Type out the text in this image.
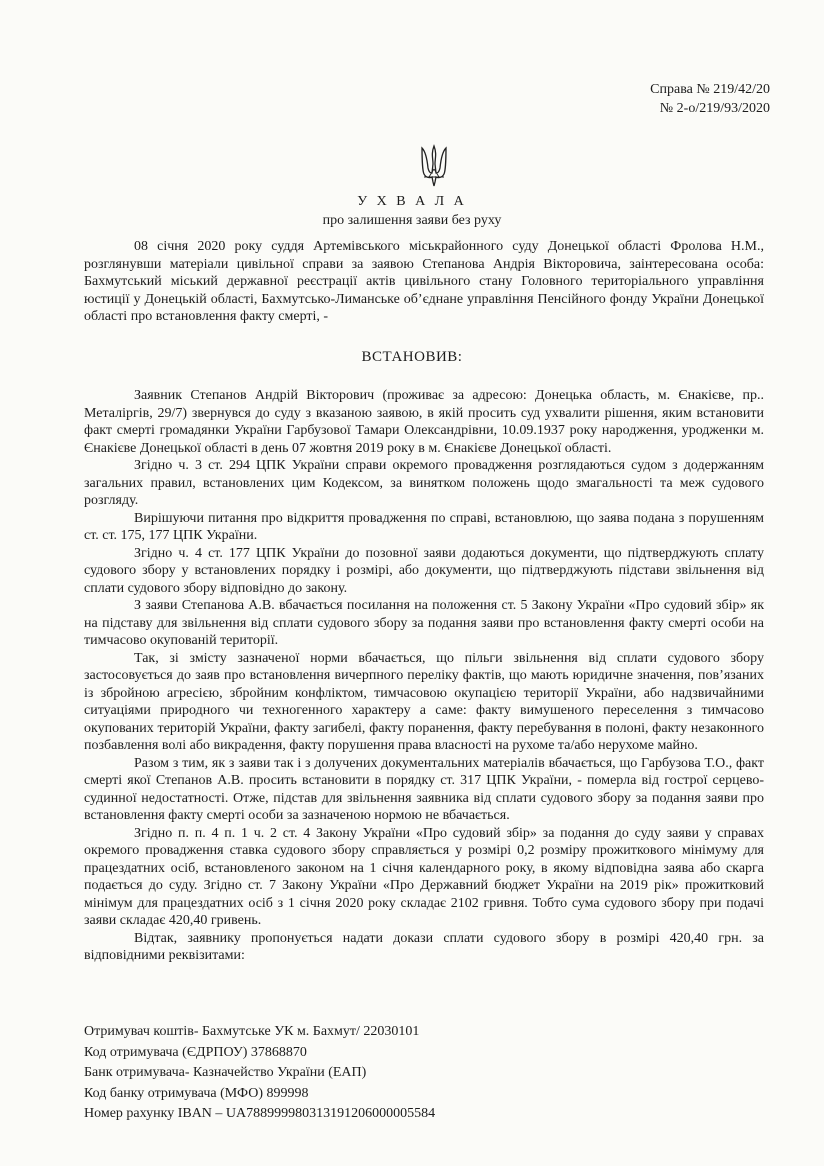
Справа № 219/42/20
№ 2-о/219/93/2020
У Х В А Л А
про залишення заяви без руху

08 січня 2020 року суддя Артемівського міськрайонного суду Донецької області Фролова Н.М., розглянувши матеріали цивільної справи за заявою Степанова Андрія Вікторовича, заінтересована особа: Бахмутський міський державної реєстрації актів цивільного стану Головного територіального управління юстиції у Донецькій області, Бахмутсько-Лиманське об’єднане управління Пенсійного фонду України Донецької області про встановлення факту смерті, -

ВСТАНОВИВ:

Заявник Степанов Андрій Вікторович (проживає за адресою: Донецька область, м. Єнакієве, пр.. Металіргів, 29/7) звернувся до суду з вказаною заявою, в якій просить суд ухвалити рішення, яким встановити факт смерті громадянки України Гарбузової Тамари Олександрівни, 10.09.1937 року народження, уродженки м. Єнакієве Донецької області в день 07 жовтня 2019 року в м. Єнакієве Донецької області.

Згідно ч. 3 ст. 294 ЦПК України справи окремого провадження розглядаються судом з додержанням загальних правил, встановлених цим Кодексом, за винятком положень щодо змагальності та меж судового розгляду.

Вирішуючи питання про відкриття провадження по справі, встановлюю, що заява подана з порушенням ст. ст. 175, 177 ЦПК України.

Згідно ч. 4 ст. 177 ЦПК України до позовної заяви додаються документи, що підтверджують сплату судового збору у встановлених порядку і розмірі, або документи, що підтверджують підстави звільнення від сплати судового збору відповідно до закону.

З заяви Степанова А.В. вбачається посилання на положення ст. 5 Закону України «Про судовий збір» як на підставу для звільнення від сплати судового збору за подання заяви про встановлення факту смерті особи на тимчасово окупованій території.

Так, зі змісту зазначеної норми вбачається, що пільги звільнення від сплати судового збору застосовується до заяв про встановлення вичерпного переліку фактів, що мають юридичне значення, пов’язаних із збройною агресією, збройним конфліктом, тимчасовою окупацією території України, або надзвичайними ситуаціями природного чи техногенного характеру а саме: факту вимушеного переселення з тимчасово окупованих територій України, факту загибелі, факту поранення, факту перебування в полоні, факту незаконного позбавлення волі або викрадення, факту порушення права власності на рухоме та/або нерухоме майно.

Разом з тим, як з заяви так і з долучених документальних матеріалів вбачається, що Гарбузова Т.О., факт смерті якої Степанов А.В. просить встановити в порядку ст. 317 ЦПК України, - померла від гострої серцево-судинної недостатності. Отже, підстав для звільнення заявника від сплати судового збору за подання заяви про встановлення факту смерті особи за зазначеною нормою не вбачається.

Згідно п. п. 4 п. 1 ч. 2 ст. 4 Закону України «Про судовий збір» за подання до суду заяви у справах окремого провадження ставка судового збору справляється у розмірі 0,2 розміру прожиткового мінімуму для працездатних осіб, встановленого законом на 1 січня календарного року, в якому відповідна заява або скарга подається до суду. Згідно ст. 7 Закону України «Про Державний бюджет України на 2019 рік» прожитковий мінімум для працездатних осіб з 1 січня 2020 року складає 2102 гривня. Тобто сума судового збору при подачі заяви складає 420,40 гривень.

Відтак, заявнику пропонується надати докази сплати судового збору в розмірі 420,40 грн. за відповідними реквізитами:

Отримувач коштів- Бахмутське УК м. Бахмут/ 22030101
Код отримувача (ЄДРПОУ) 37868870
Банк отримувача- Казначейство України (ЕАП)
Код банку отримувача (МФО) 899998
Номер рахунку IBAN – UA788999980313191206000005584
